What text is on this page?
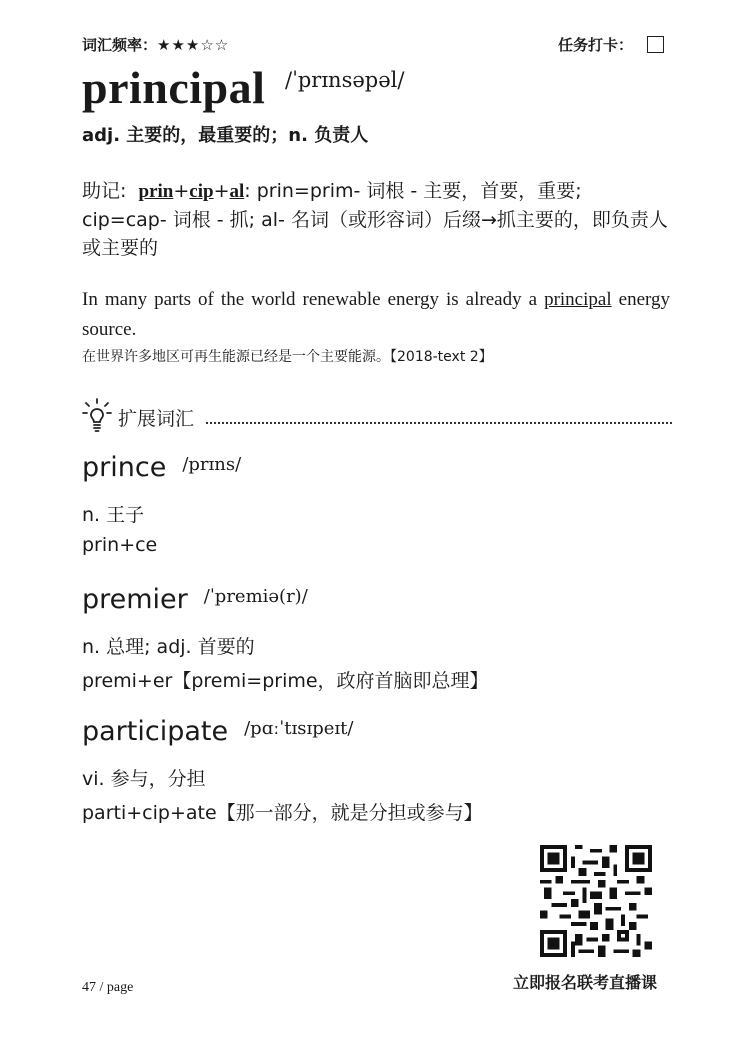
词汇频率：★★★☆☆	任务打卡：
principal /ˈprɪnsəpəl/
adj. 主要的，最重要的；n. 负责人
助记: prin+cip+al: prin=prim- 词根 - 主要，首要，重要; cip=cap- 词根 - 抓; al- 名词（或形容词）后缀→抓主要的，即负责人或主要的
In many parts of the world renewable energy is already a principal energy source.
在世界许多地区可再生能源已经是一个主要能源。【2018-text 2】
扩展词汇
prince $^{/prɪns/}$
n. 王子
prin+ce
premier $^{/ˈpremiə(r)/}$
n. 总理; adj. 首要的
premi+er【premi=prime，政府首脑即总理】
participate $^{/pɑːˈtɪsɪpeɪt/}$
vi. 参与，分担
parti+cip+ate【那一部分，就是分担或参与】
立即报名联考直播课
47 / page
